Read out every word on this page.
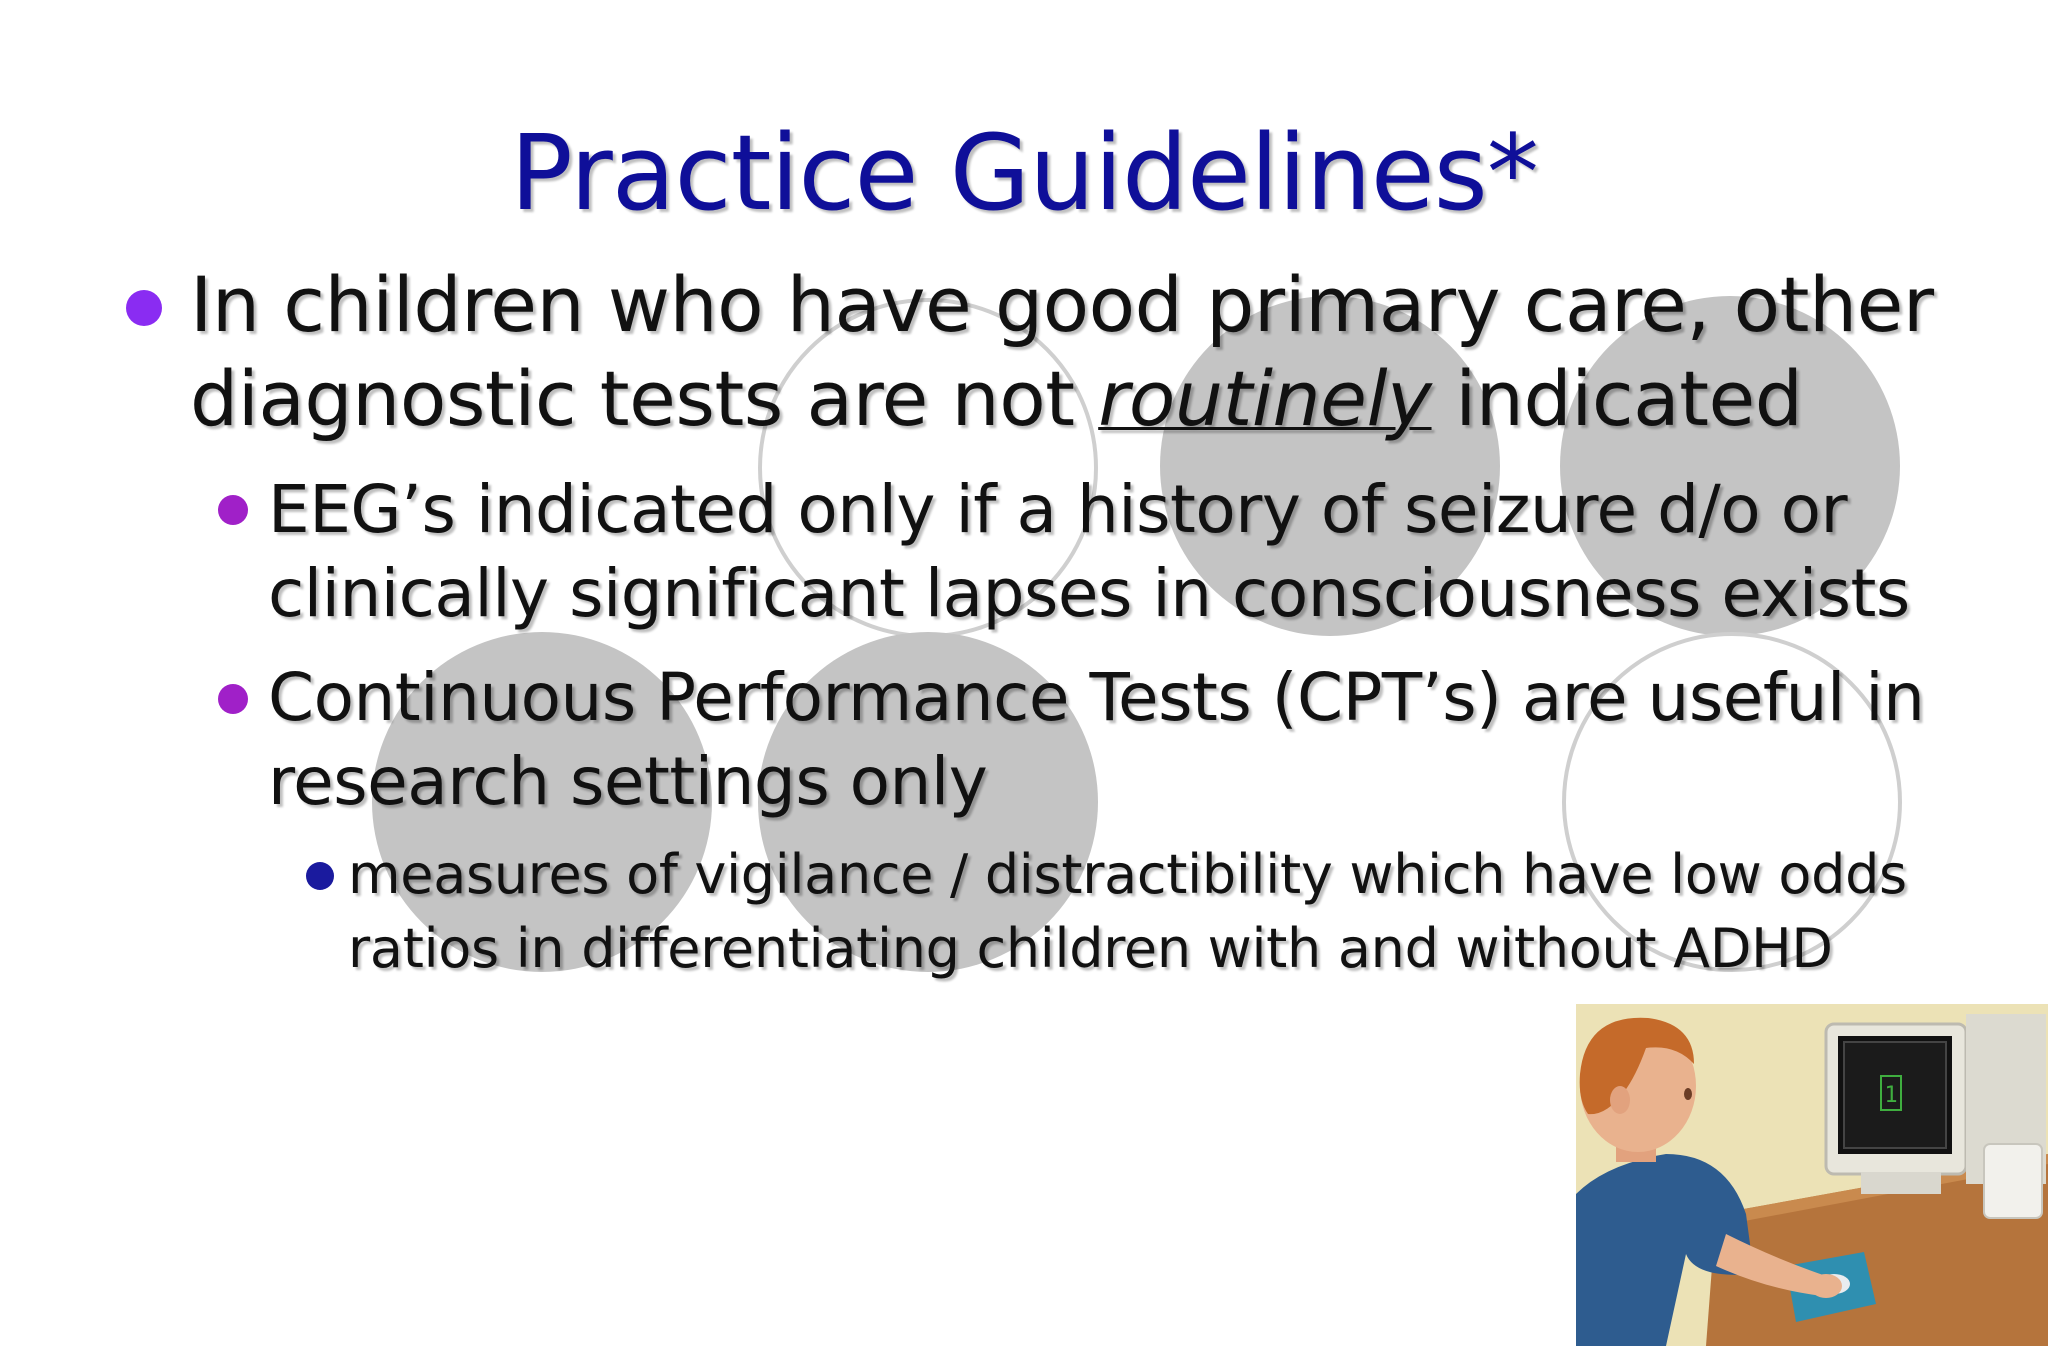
Practice Guidelines*
In children who have good primary care, other
diagnostic tests are not routinely indicated
EEG’s indicated only if a history of seizure d/o or
clinically significant lapses in consciousness exists
Continuous Performance Tests (CPT’s) are useful in
research settings only
measures of vigilance / distractibility which have low odds
ratios in differentiating children with and without ADHD
1
